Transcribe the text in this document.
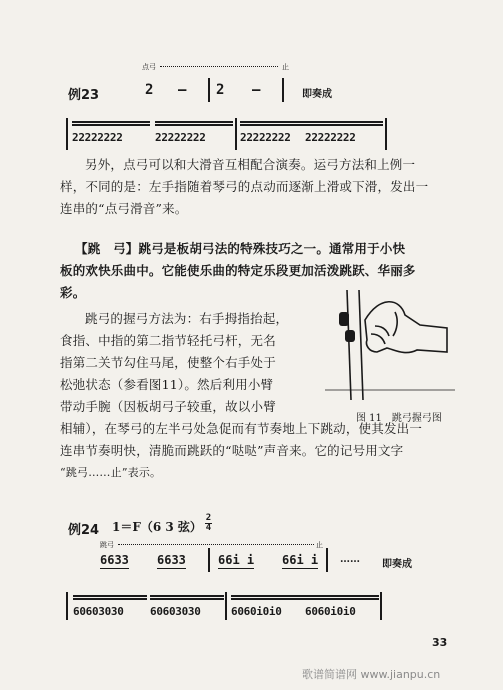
点弓	止
例23	2 — 2 —	即奏成
22222222	22222222	22222222 22222222
另外，点弓可以和大滑音互相配合演奏。运弓方法和上例一
样，不同的是：左手指随着琴弓的点动而逐渐上滑或下滑，发出一
连串的“点弓滑音”来。
【跳　弓】跳弓是板胡弓法的特殊技巧之一。通常用于小快
板的欢快乐曲中。它能使乐曲的特定乐段更加活泼跳跃、华丽多
彩。
跳弓的握弓方法为：右手拇指抬起，
食指、中指的第二指节轻托弓杆，无名
指第二关节勾住马尾，使整个右手处于
松弛状态（参看图11）。然后利用小臂
带动手腕（因板胡弓子较重，故以小臂
相辅），在琴弓的左半弓处急促而有节奏地上下跳动，使其发出一
连串节奏明快，清脆而跳跃的“哒哒”声音来。它的记号用文字
“跳弓……止”表示。
图 11　跳弓握弓图
例24 1＝F（6 3 弦）
2
4
跳弓	止
6633 6633	66i i 66i i …… 即奏成
60603030 60603030	6060i0i0 6060i0i0
33
歌谱简谱网 www.jianpu.cn
